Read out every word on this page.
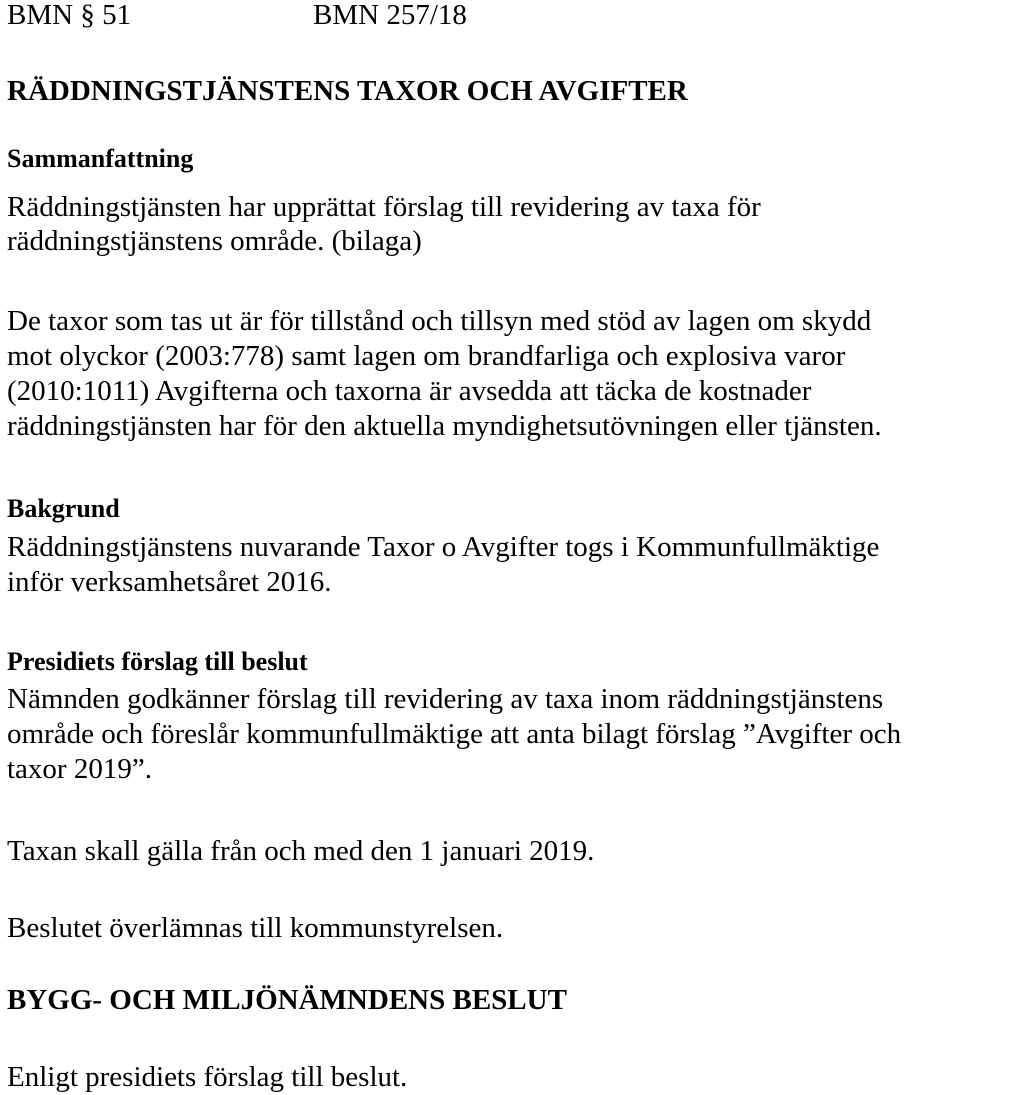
BMN § 51	BMN 257/18

RÄDDNINGSTJÄNSTENS TAXOR OCH AVGIFTER

Sammanfattning

Räddningstjänsten har upprättat förslag till revidering av taxa för

räddningstjänstens område. (bilaga)

De taxor som tas ut är för tillstånd och tillsyn med stöd av lagen om skydd

mot olyckor (2003:778) samt lagen om brandfarliga och explosiva varor

(2010:1011) Avgifterna och taxorna är avsedda att täcka de kostnader

räddningstjänsten har för den aktuella myndighetsutövningen eller tjänsten.

Bakgrund

Räddningstjänstens nuvarande Taxor o Avgifter togs i Kommunfullmäktige

inför verksamhetsåret 2016.

Presidiets förslag till beslut

Nämnden godkänner förslag till revidering av taxa inom räddningstjänstens

område och föreslår kommunfullmäktige att anta bilagt förslag ”Avgifter och

taxor 2019”.

Taxan skall gälla från och med den 1 januari 2019.

Beslutet överlämnas till kommunstyrelsen.

BYGG- OCH MILJÖNÄMNDENS BESLUT

Enligt presidiets förslag till beslut.
